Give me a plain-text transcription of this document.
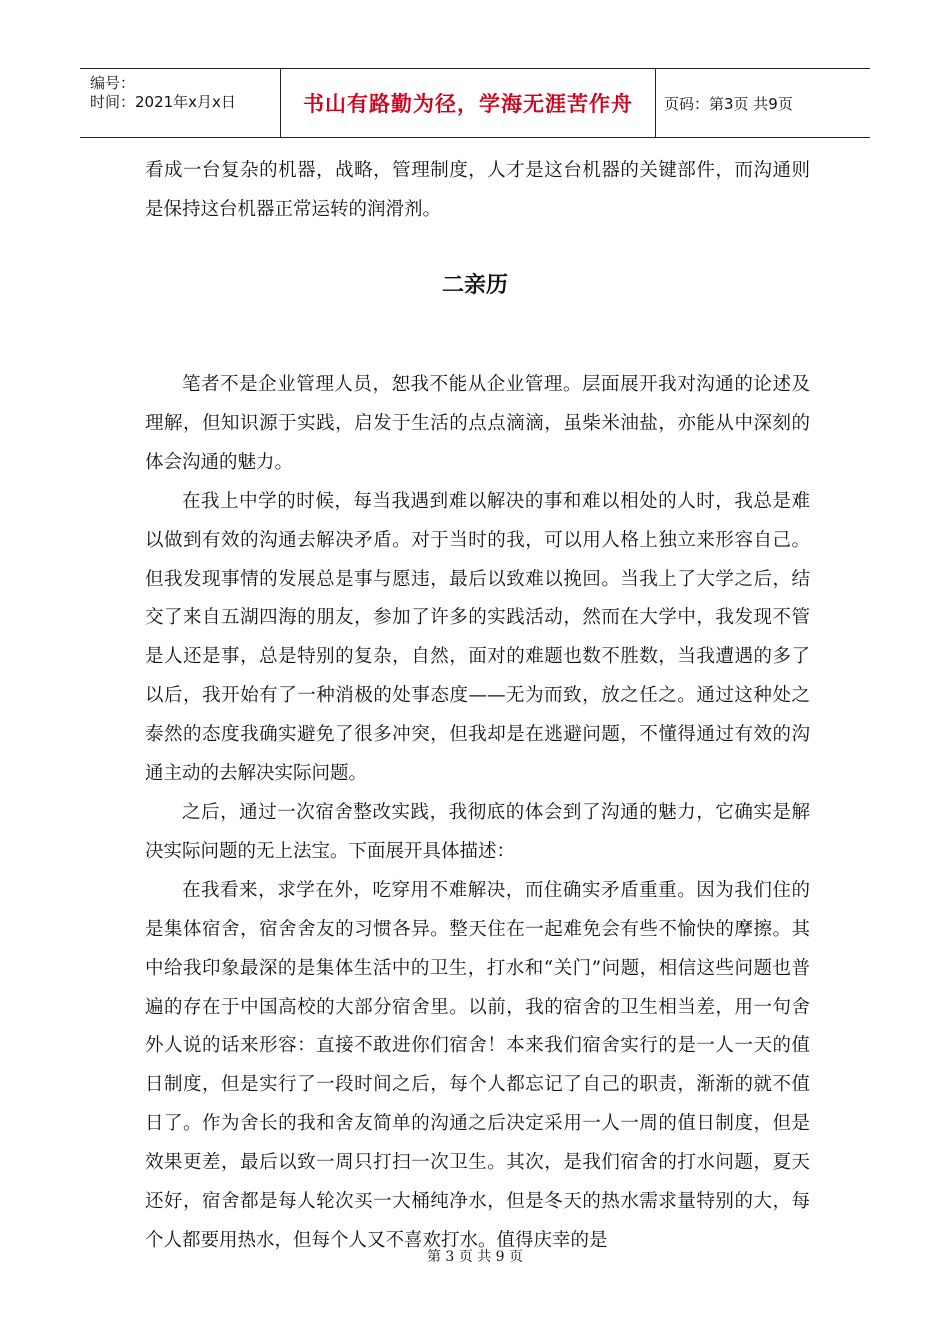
编号：
时间：2021年x月x日	书山有路勤为径，学海无涯苦作舟	页码：第3页 共9页

看成一台复杂的机器，战略，管理制度，人才是这台机器的关键部件，而沟通则是保持这台机器正常运转的润滑剂。

二亲历

笔者不是企业管理人员，恕我不能从企业管理。层面展开我对沟通的论述及理解，但知识源于实践，启发于生活的点点滴滴，虽柴米油盐，亦能从中深刻的体会沟通的魅力。

在我上中学的时候，每当我遇到难以解决的事和难以相处的人时，我总是难以做到有效的沟通去解决矛盾。对于当时的我，可以用人格上独立来形容自己。但我发现事情的发展总是事与愿违，最后以致难以挽回。当我上了大学之后，结交了来自五湖四海的朋友，参加了许多的实践活动，然而在大学中，我发现不管是人还是事，总是特别的复杂，自然，面对的难题也数不胜数，当我遭遇的多了以后，我开始有了一种消极的处事态度——无为而致，放之任之。通过这种处之泰然的态度我确实避免了很多冲突，但我却是在逃避问题，不懂得通过有效的沟通主动的去解决实际问题。

之后，通过一次宿舍整改实践，我彻底的体会到了沟通的魅力，它确实是解决实际问题的无上法宝。下面展开具体描述：

在我看来，求学在外，吃穿用不难解决，而住确实矛盾重重。因为我们住的是集体宿舍，宿舍舍友的习惯各异。整天住在一起难免会有些不愉快的摩擦。其中给我印象最深的是集体生活中的卫生，打水和“关门”问题，相信这些问题也普遍的存在于中国高校的大部分宿舍里。以前，我的宿舍的卫生相当差，用一句舍外人说的话来形容：直接不敢进你们宿舍！本来我们宿舍实行的是一人一天的值日制度，但是实行了一段时间之后，每个人都忘记了自己的职责，渐渐的就不值日了。作为舍长的我和舍友简单的沟通之后决定采用一人一周的值日制度，但是效果更差，最后以致一周只打扫一次卫生。其次，是我们宿舍的打水问题，夏天还好，宿舍都是每人轮次买一大桶纯净水，但是冬天的热水需求量特别的大，每个人都要用热水，但每个人又不喜欢打水。值得庆幸的是

第 3 页 共 9 页
